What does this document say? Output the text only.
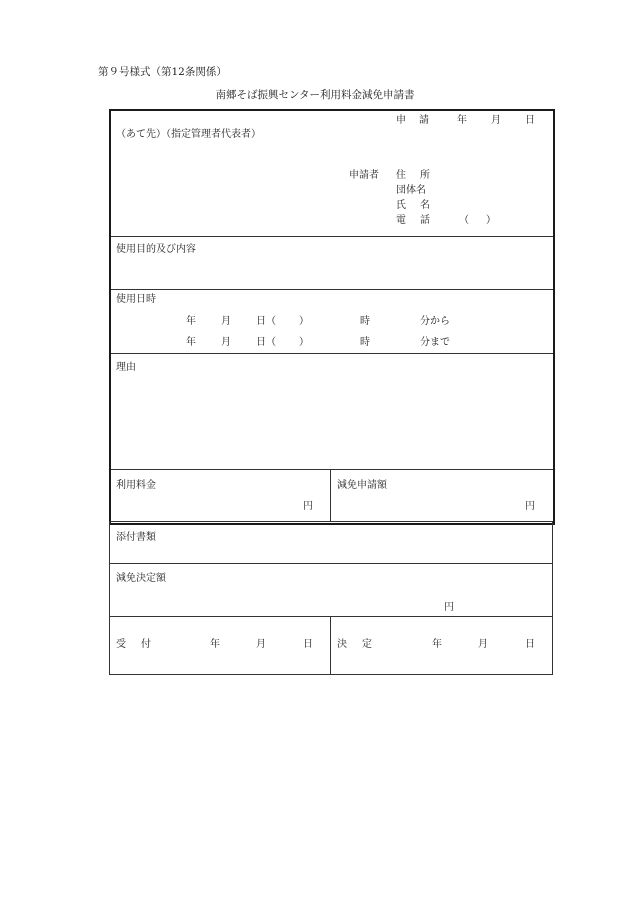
第９号様式（第12条関係）
南郷そば振興センター利用料金減免申請書
申 請	年 月 日
（あて先）（指定管理者代表者）
申請者 住 所
団体名
氏 名
電 話	（ ）
使用目的及び内容
使用日時
年	月	日（ ）	時	分から
年	月	日（ ）	時	分まで
理由
利用料金
円
減免申請額
円
添付書類
減免決定額
円
受 付	年	月	日 決 定	年	月	日
